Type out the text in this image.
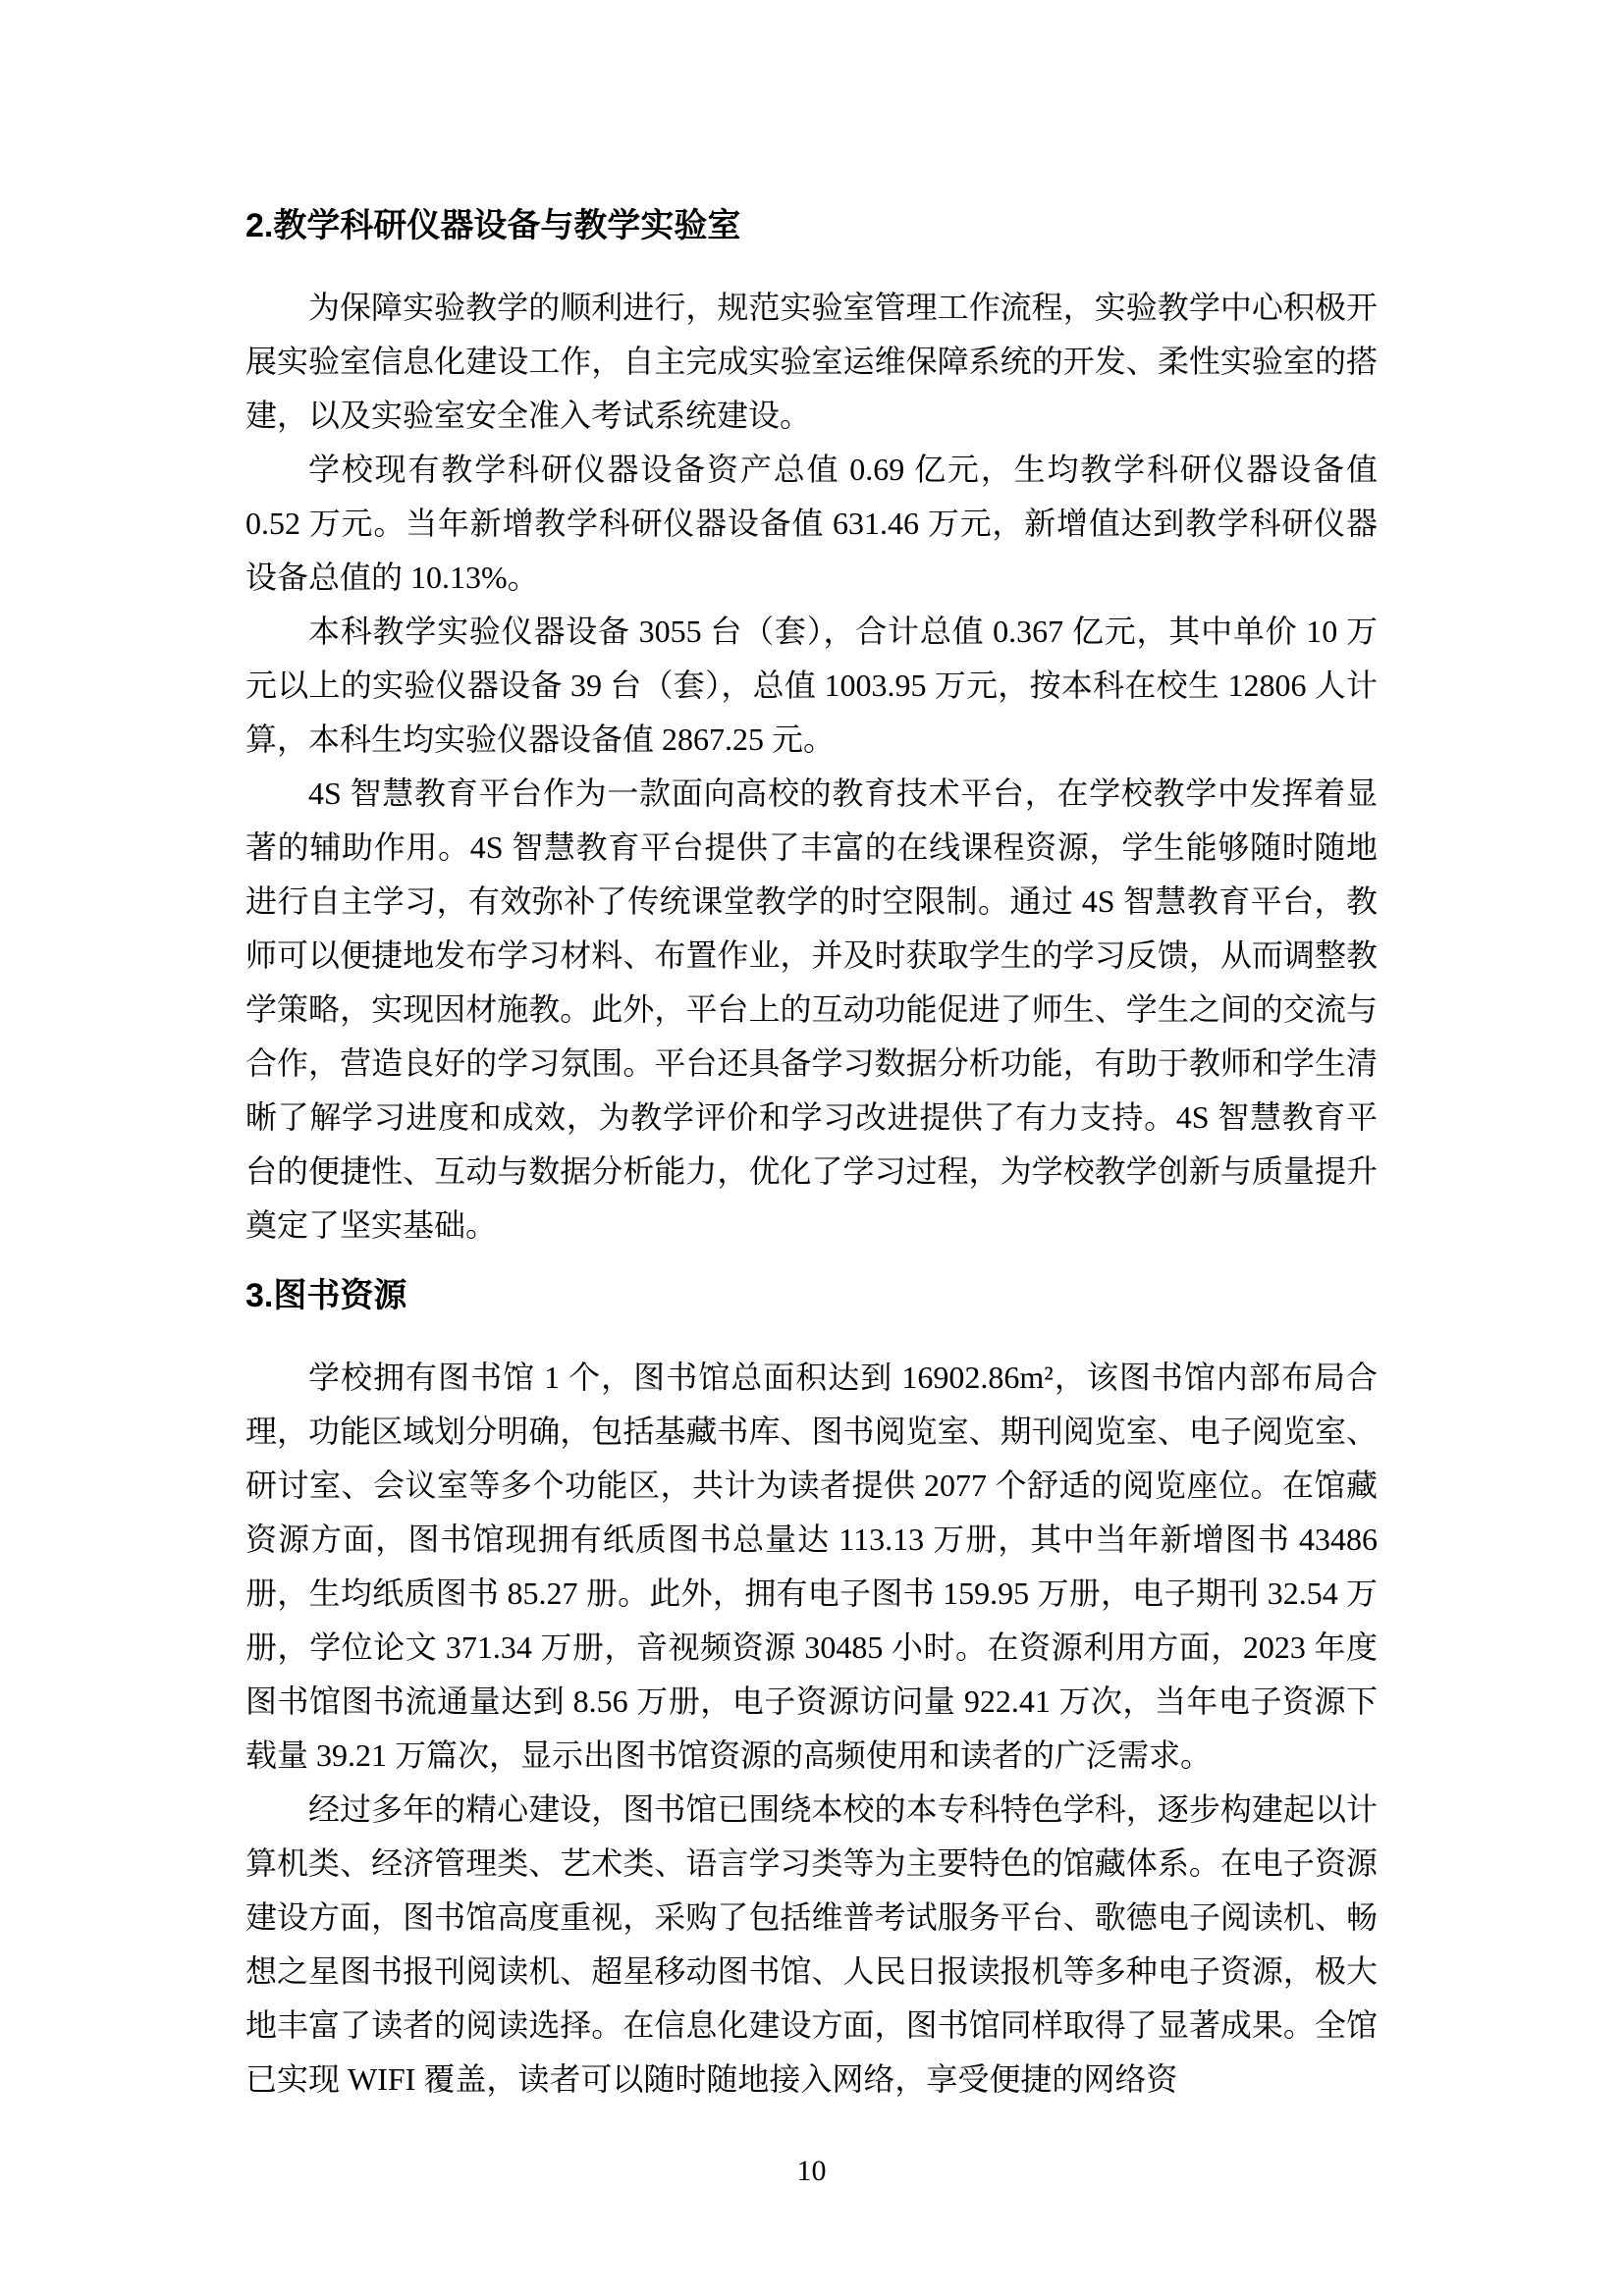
2.教学科研仪器设备与教学实验室

为保障实验教学的顺利进行，规范实验室管理工作流程，实验教学中心积极开展实验室信息化建设工作，自主完成实验室运维保障系统的开发、柔性实验室的搭建，以及实验室安全准入考试系统建设。

学校现有教学科研仪器设备资产总值 0.69 亿元，生均教学科研仪器设备值 0.52 万元。当年新增教学科研仪器设备值 631.46 万元，新增值达到教学科研仪器设备总值的 10.13%。

本科教学实验仪器设备 3055 台（套），合计总值 0.367 亿元，其中单价 10 万元以上的实验仪器设备 39 台（套），总值 1003.95 万元，按本科在校生 12806 人计算，本科生均实验仪器设备值 2867.25 元。

4S 智慧教育平台作为一款面向高校的教育技术平台，在学校教学中发挥着显著的辅助作用。4S 智慧教育平台提供了丰富的在线课程资源，学生能够随时随地进行自主学习，有效弥补了传统课堂教学的时空限制。通过 4S 智慧教育平台，教师可以便捷地发布学习材料、布置作业，并及时获取学生的学习反馈，从而调整教学策略，实现因材施教。此外，平台上的互动功能促进了师生、学生之间的交流与合作，营造良好的学习氛围。平台还具备学习数据分析功能，有助于教师和学生清晰了解学习进度和成效，为教学评价和学习改进提供了有力支持。4S 智慧教育平台的便捷性、互动与数据分析能力，优化了学习过程，为学校教学创新与质量提升奠定了坚实基础。

3.图书资源

学校拥有图书馆 1 个，图书馆总面积达到 16902.86m²，该图书馆内部布局合理，功能区域划分明确，包括基藏书库、图书阅览室、期刊阅览室、电子阅览室、研讨室、会议室等多个功能区，共计为读者提供 2077 个舒适的阅览座位。在馆藏资源方面，图书馆现拥有纸质图书总量达 113.13 万册，其中当年新增图书 43486 册，生均纸质图书 85.27 册。此外，拥有电子图书 159.95 万册，电子期刊 32.54 万册，学位论文 371.34 万册，音视频资源 30485 小时。在资源利用方面，2023 年度图书馆图书流通量达到 8.56 万册，电子资源访问量 922.41 万次，当年电子资源下载量 39.21 万篇次，显示出图书馆资源的高频使用和读者的广泛需求。

经过多年的精心建设，图书馆已围绕本校的本专科特色学科，逐步构建起以计算机类、经济管理类、艺术类、语言学习类等为主要特色的馆藏体系。在电子资源建设方面，图书馆高度重视，采购了包括维普考试服务平台、歌德电子阅读机、畅想之星图书报刊阅读机、超星移动图书馆、人民日报读报机等多种电子资源，极大地丰富了读者的阅读选择。在信息化建设方面，图书馆同样取得了显著成果。全馆已实现 WIFI 覆盖，读者可以随时随地接入网络，享受便捷的网络资

10
